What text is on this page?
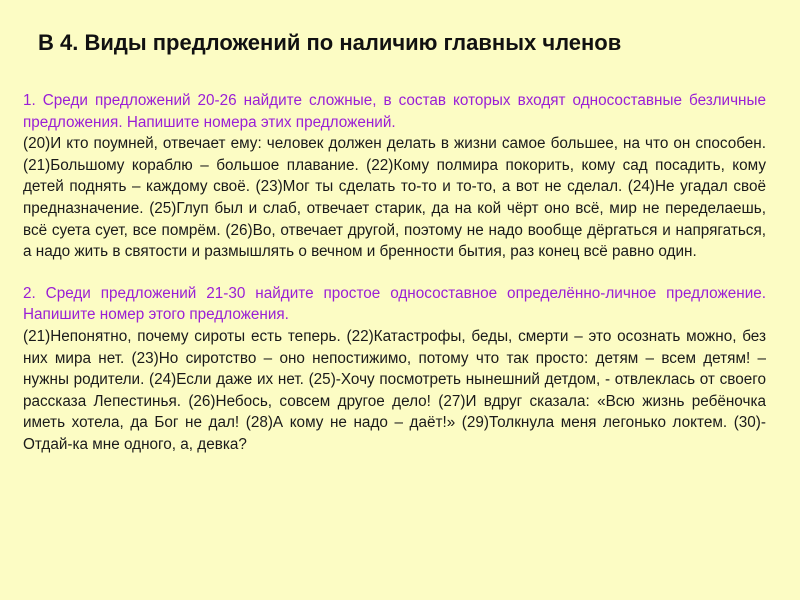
В 4. Виды предложений по наличию главных членов

1. Среди предложений 20-26 найдите сложные, в состав которых входят односоставные безличные предложения. Напишите номера этих предложений.

(20)И кто поумней, отвечает ему: человек должен делать в жизни самое большее, на что он способен. (21)Большому кораблю – большое плавание. (22)Кому полмира покорить, кому сад посадить, кому детей поднять – каждому своё. (23)Мог ты сделать то-то и то-то, а вот не сделал. (24)Не угадал своё предназначение. (25)Глуп был и слаб, отвечает старик, да на кой чёрт оно всё, мир не переделаешь, всё суета сует, все помрём. (26)Во, отвечает другой, поэтому не надо вообще дёргаться и напрягаться, а надо жить в святости и размышлять о вечном и бренности бытия, раз конец всё равно один.

2. Среди предложений 21-30 найдите простое односоставное определённо-личное предложение. Напишите номер этого предложения.

(21)Непонятно, почему сироты есть теперь. (22)Катастрофы, беды, смерти – это осознать можно, без них мира нет. (23)Но сиротство – оно непостижимо, потому что так просто: детям – всем детям! – нужны родители. (24)Если даже их нет. (25)-Хочу посмотреть нынешний детдом, - отвлеклась от своего рассказа Лепестинья. (26)Небось, совсем другое дело! (27)И вдруг сказала: «Всю жизнь ребёночка иметь хотела, да Бог не дал! (28)А кому не надо – даёт!» (29)Толкнула меня легонько локтем. (30)-Отдай-ка мне одного, а, девка?
